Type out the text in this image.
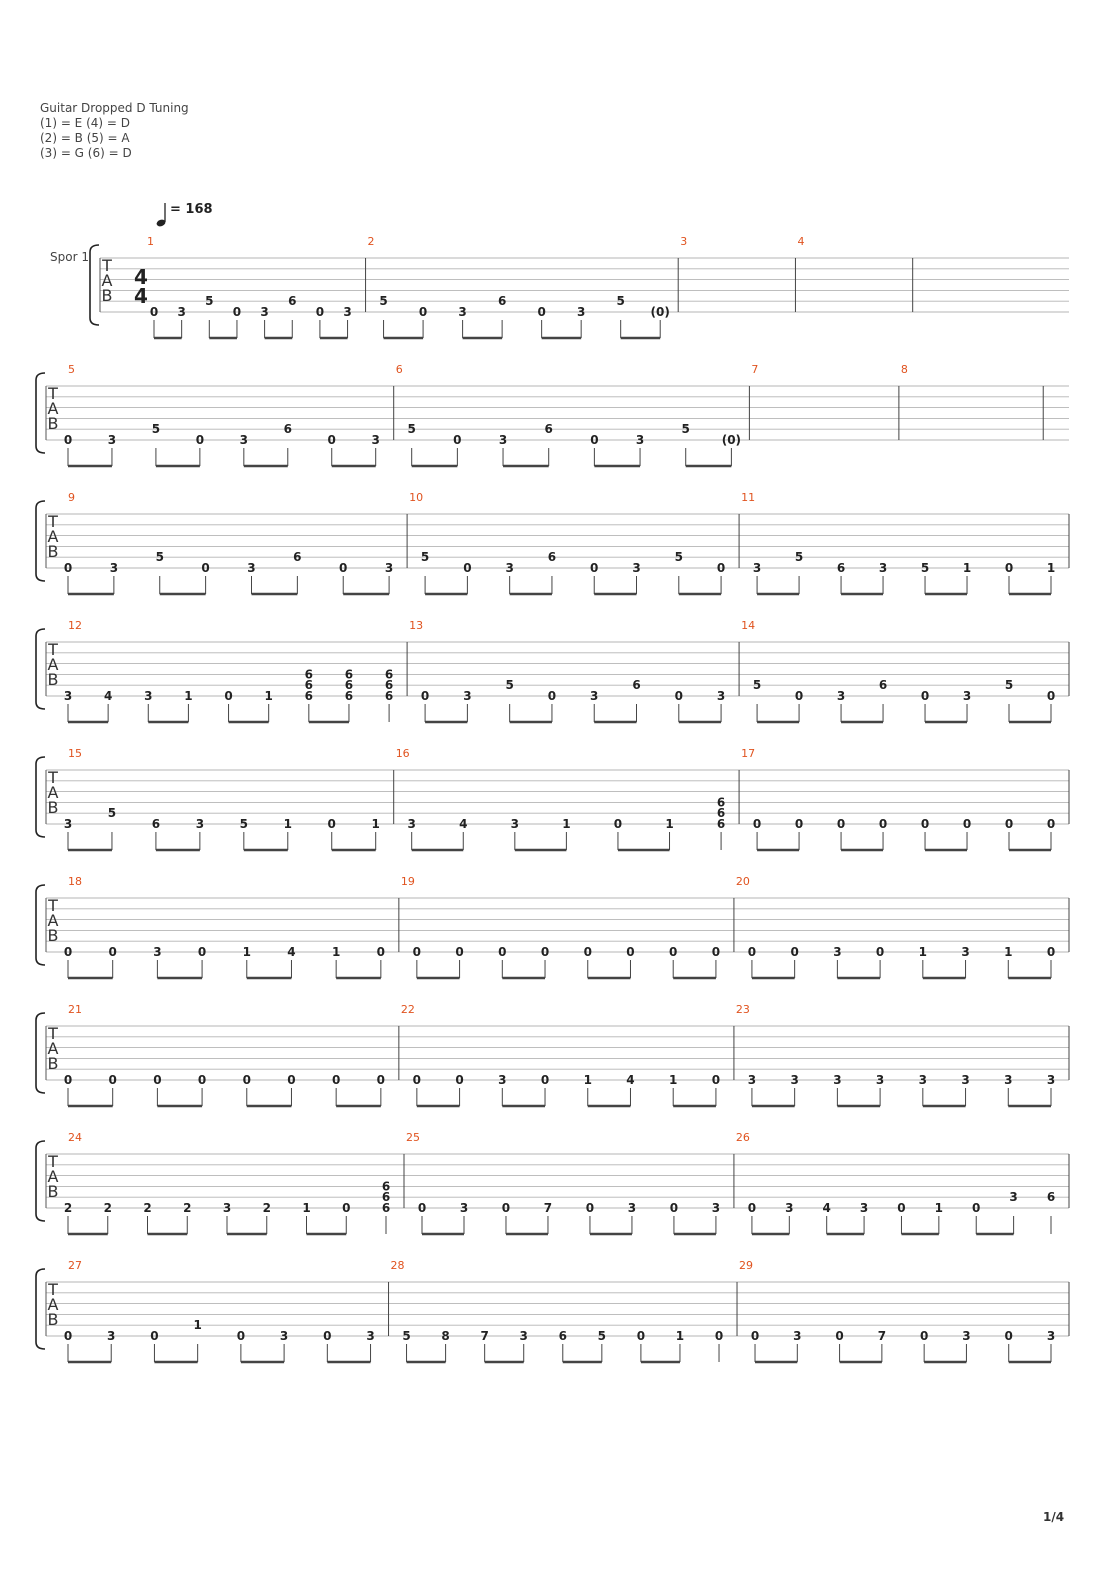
Guitar Dropped D Tuning
(1) = E (4) = D
(2) = B (5) = A
(3) = G (6) = D
= 168
Spor 1 T
A
B
4
4
1
0 3
5
0 3
6
0 3
2
5
0	3
6
0	3
5
(0)
3	4
T
A
B
5
0	3
5
0	3
6
0	3
6
5
0	3
6
0	3
5
(0)
7	8
T
A
B
9
0	3
5
0	3
6
0	3
10
5
0	3
6
0	3
5
0
11
3
5
6	3	5	1	0	1
T
A
B
12
3	4	3	1	0	1
6
6
6
6
6
6
6
6
6
13
0	3
5
0	3
6
0	3
14
5
0	3
6
0	3
5
0
T
A
B
15
3
5
6	3	5	1	0	1
16
3	4	3	1	0	1
6
6
6
17
0	0	0	0	0	0	0	0
T
A
B
18
0	0	3	0	1	4	1	0
19
0	0	0	0	0	0	0	0
20
0	0	3	0	1	3	1	0
T
A
B
21
0	0	0	0	0	0	0	0
22
0	0	3	0	1	4	1	0
23
3	3	3	3	3	3	3	3
T
A
B
24
2	2	2	2	3	2	1	0
6
6
6
25
0	3	0	7	0	3	0	3
26
0 3 4 3 0 1 0
3 6
T
A
B
27
0	3	0
1
0	3	0	3
28
5	8	7	3	6	5	0	1	0
29
0	3	0	7	0	3	0	3
1/4
